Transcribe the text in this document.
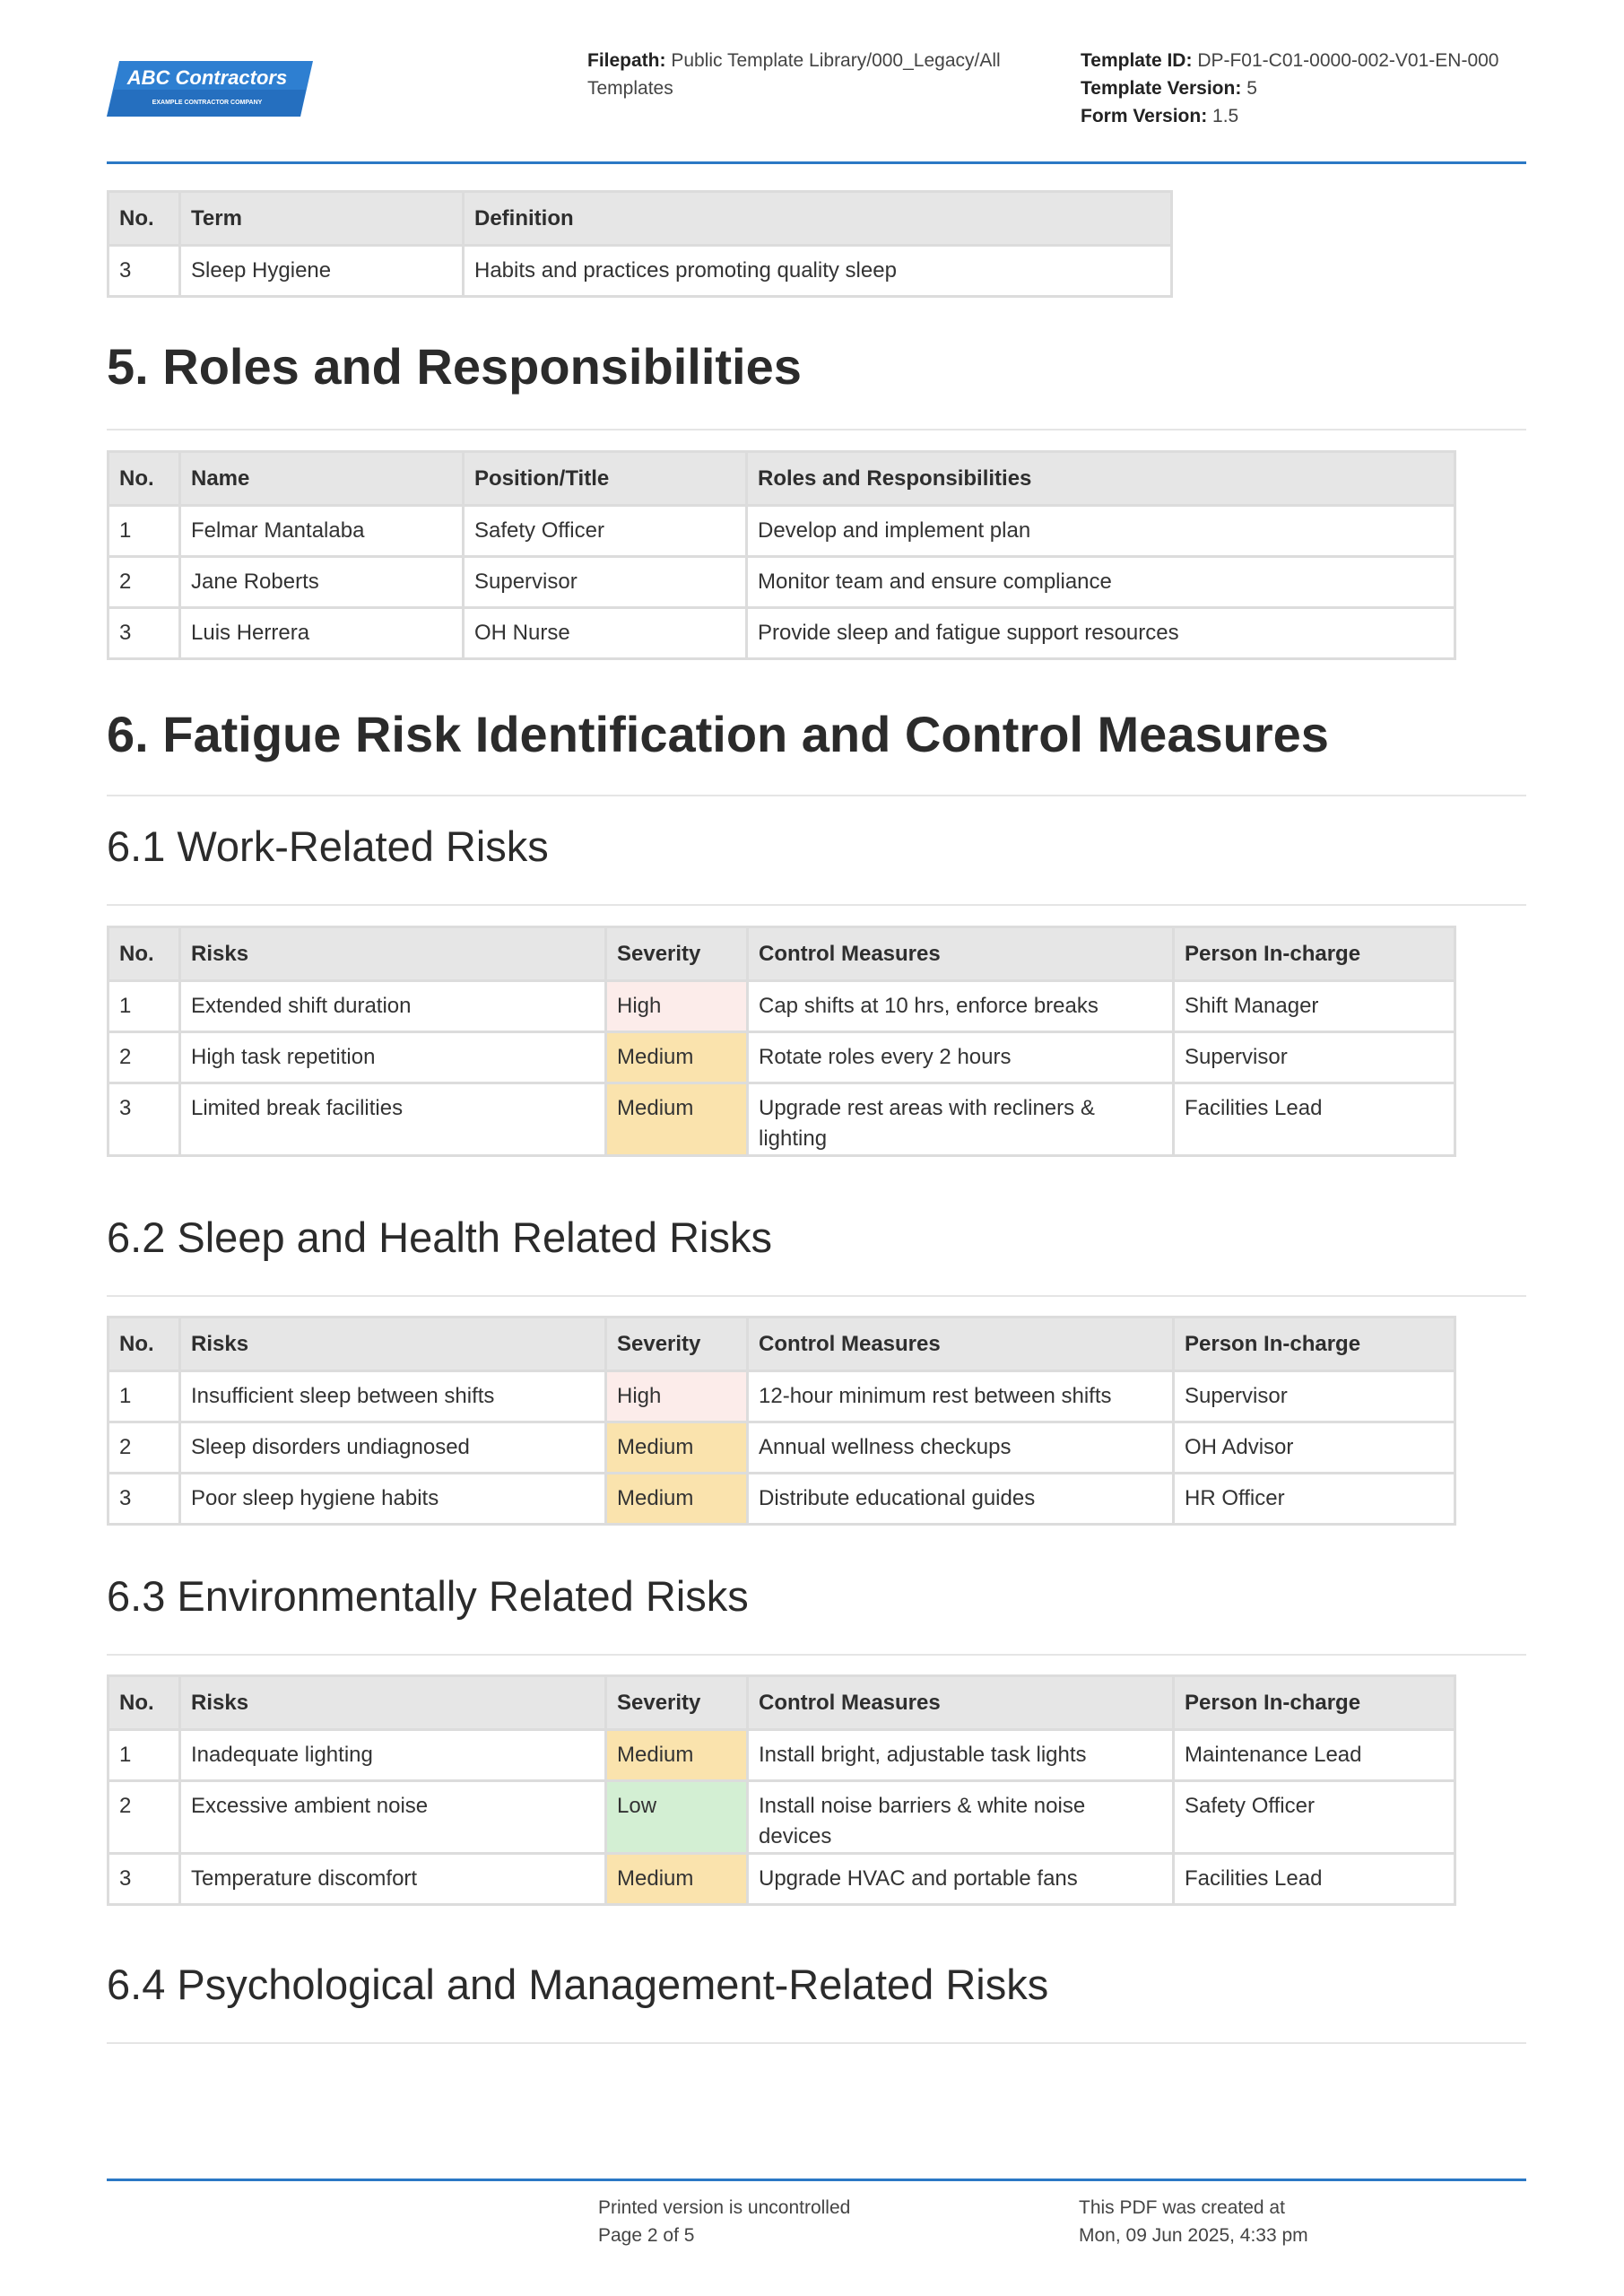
ABC Contractors
EXAMPLE CONTRACTOR COMPANY
Filepath: Public Template Library/000_Legacy/All Templates
Template ID: DP-F01-C01-0000-002-V01-EN-000
Template Version: 5
Form Version: 1.5
No.	Term	Definition
3	Sleep Hygiene	Habits and practices promoting quality sleep
5. Roles and Responsibilities
No.	Name	Position/Title	Roles and Responsibilities
1	Felmar Mantalaba	Safety Officer	Develop and implement plan
2	Jane Roberts	Supervisor	Monitor team and ensure compliance
3	Luis Herrera	OH Nurse	Provide sleep and fatigue support resources
6. Fatigue Risk Identification and Control Measures
6.1 Work-Related Risks
No.	Risks	Severity	Control Measures	Person In-charge
1	Extended shift duration	High	Cap shifts at 10 hrs, enforce breaks	Shift Manager
2	High task repetition	Medium	Rotate roles every 2 hours	Supervisor
3	Limited break facilities	Medium	Upgrade rest areas with recliners & lighting	Facilities Lead
6.2 Sleep and Health Related Risks
No.	Risks	Severity	Control Measures	Person In-charge
1	Insufficient sleep between shifts	High	12-hour minimum rest between shifts	Supervisor
2	Sleep disorders undiagnosed	Medium	Annual wellness checkups	OH Advisor
3	Poor sleep hygiene habits	Medium	Distribute educational guides	HR Officer
6.3 Environmentally Related Risks
No.	Risks	Severity	Control Measures	Person In-charge
1	Inadequate lighting	Medium	Install bright, adjustable task lights	Maintenance Lead
2	Excessive ambient noise	Low	Install noise barriers & white noise devices	Safety Officer
3	Temperature discomfort	Medium	Upgrade HVAC and portable fans	Facilities Lead
6.4 Psychological and Management-Related Risks
Printed version is uncontrolled
Page 2 of 5
This PDF was created at
Mon, 09 Jun 2025, 4:33 pm
